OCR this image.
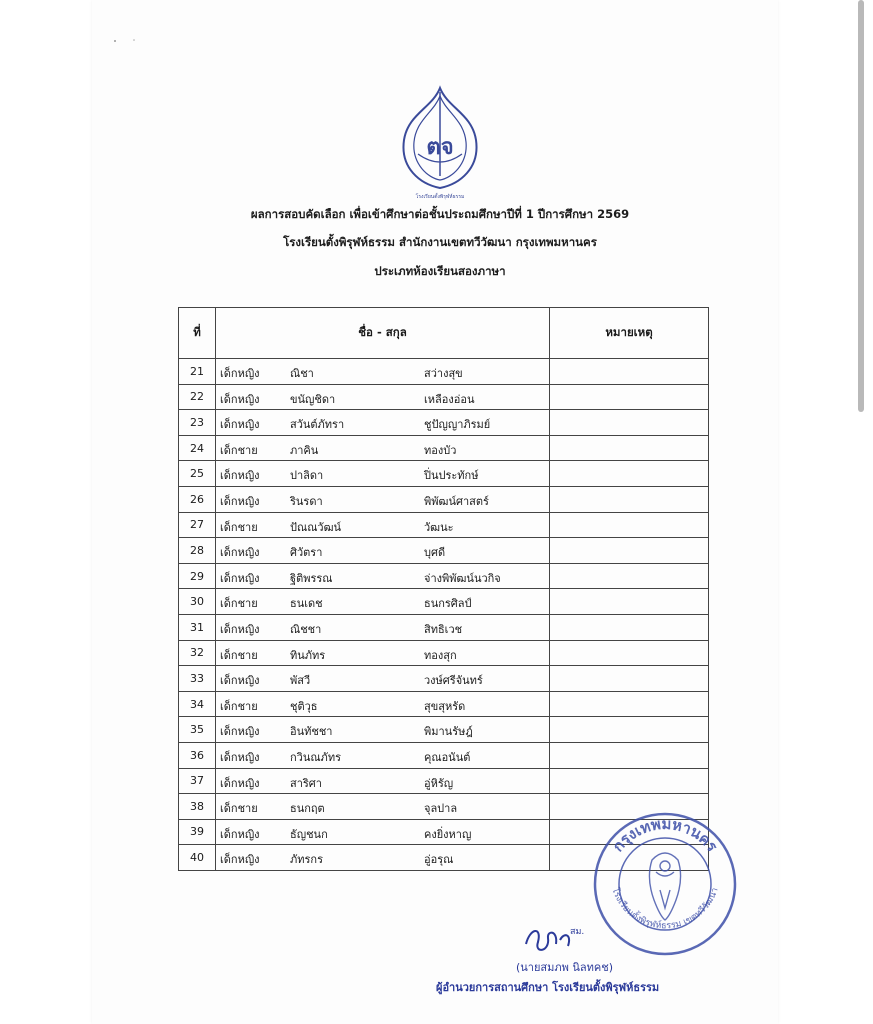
ตจ
โรงเรียนตั้งพิรุฬห์ธรรม
ผลการสอบคัดเลือก เพื่อเข้าศึกษาต่อชั้นประถมศึกษาปีที่ 1 ปีการศึกษา 2569
โรงเรียนตั้งพิรุฬห์ธรรม สำนักงานเขตทวีวัฒนา กรุงเทพมหานคร
ประเภทห้องเรียนสองภาษา
ที่	ชื่อ - สกุล	หมายเหตุ
21	เด็กหญิง ณิชา สว่างสุข	

22	เด็กหญิง ขนัญชิดา เหลืองอ่อน	

23	เด็กหญิง สวันต์ภัทรา ชูปัญญาภิรมย์	

24	เด็กชาย ภาคิน ทองบัว	

25	เด็กหญิง ปาลิดา ปิ่นประทักษ์	

26	เด็กหญิง รินรดา พิพัฒน์ศาสตร์	

27	เด็กชาย ปัณณวัฒน์ วัฒนะ	

28	เด็กหญิง ศิวัตรา บุศดี	

29	เด็กหญิง ฐิติพรรณ จ่างพิพัฒน์นวกิจ	

30	เด็กชาย ธนเดช ธนกรศิลป์	

31	เด็กหญิง ณิชชา สิทธิเวช	

32	เด็กชาย ทินภัทร ทองสุก	

33	เด็กหญิง พัสวี วงษ์ศรีจันทร์	

34	เด็กชาย ชุติวุธ สุขสุหรัด	

35	เด็กหญิง อินทัชชา พิมานรัษฎ์	

36	เด็กหญิง กวินณภัทร คุณอนันต์	

37	เด็กหญิง สาริศา อู่หิรัญ	

38	เด็กชาย ธนกฤต จุลปาล	

39	เด็กหญิง ธัญชนก คงยิ่งหาญ	

40	เด็กหญิง ภัทรกร อู่อรุณ	

กรุงเทพมหานคร
โรงเรียนตั้งพิรุฬห์ธรรม เขตทวีวัฒนา
สม.
(นายสมภพ นิลทคช)
ผู้อำนวยการสถานศึกษา โรงเรียนตั้งพิรุฬห์ธรรม
